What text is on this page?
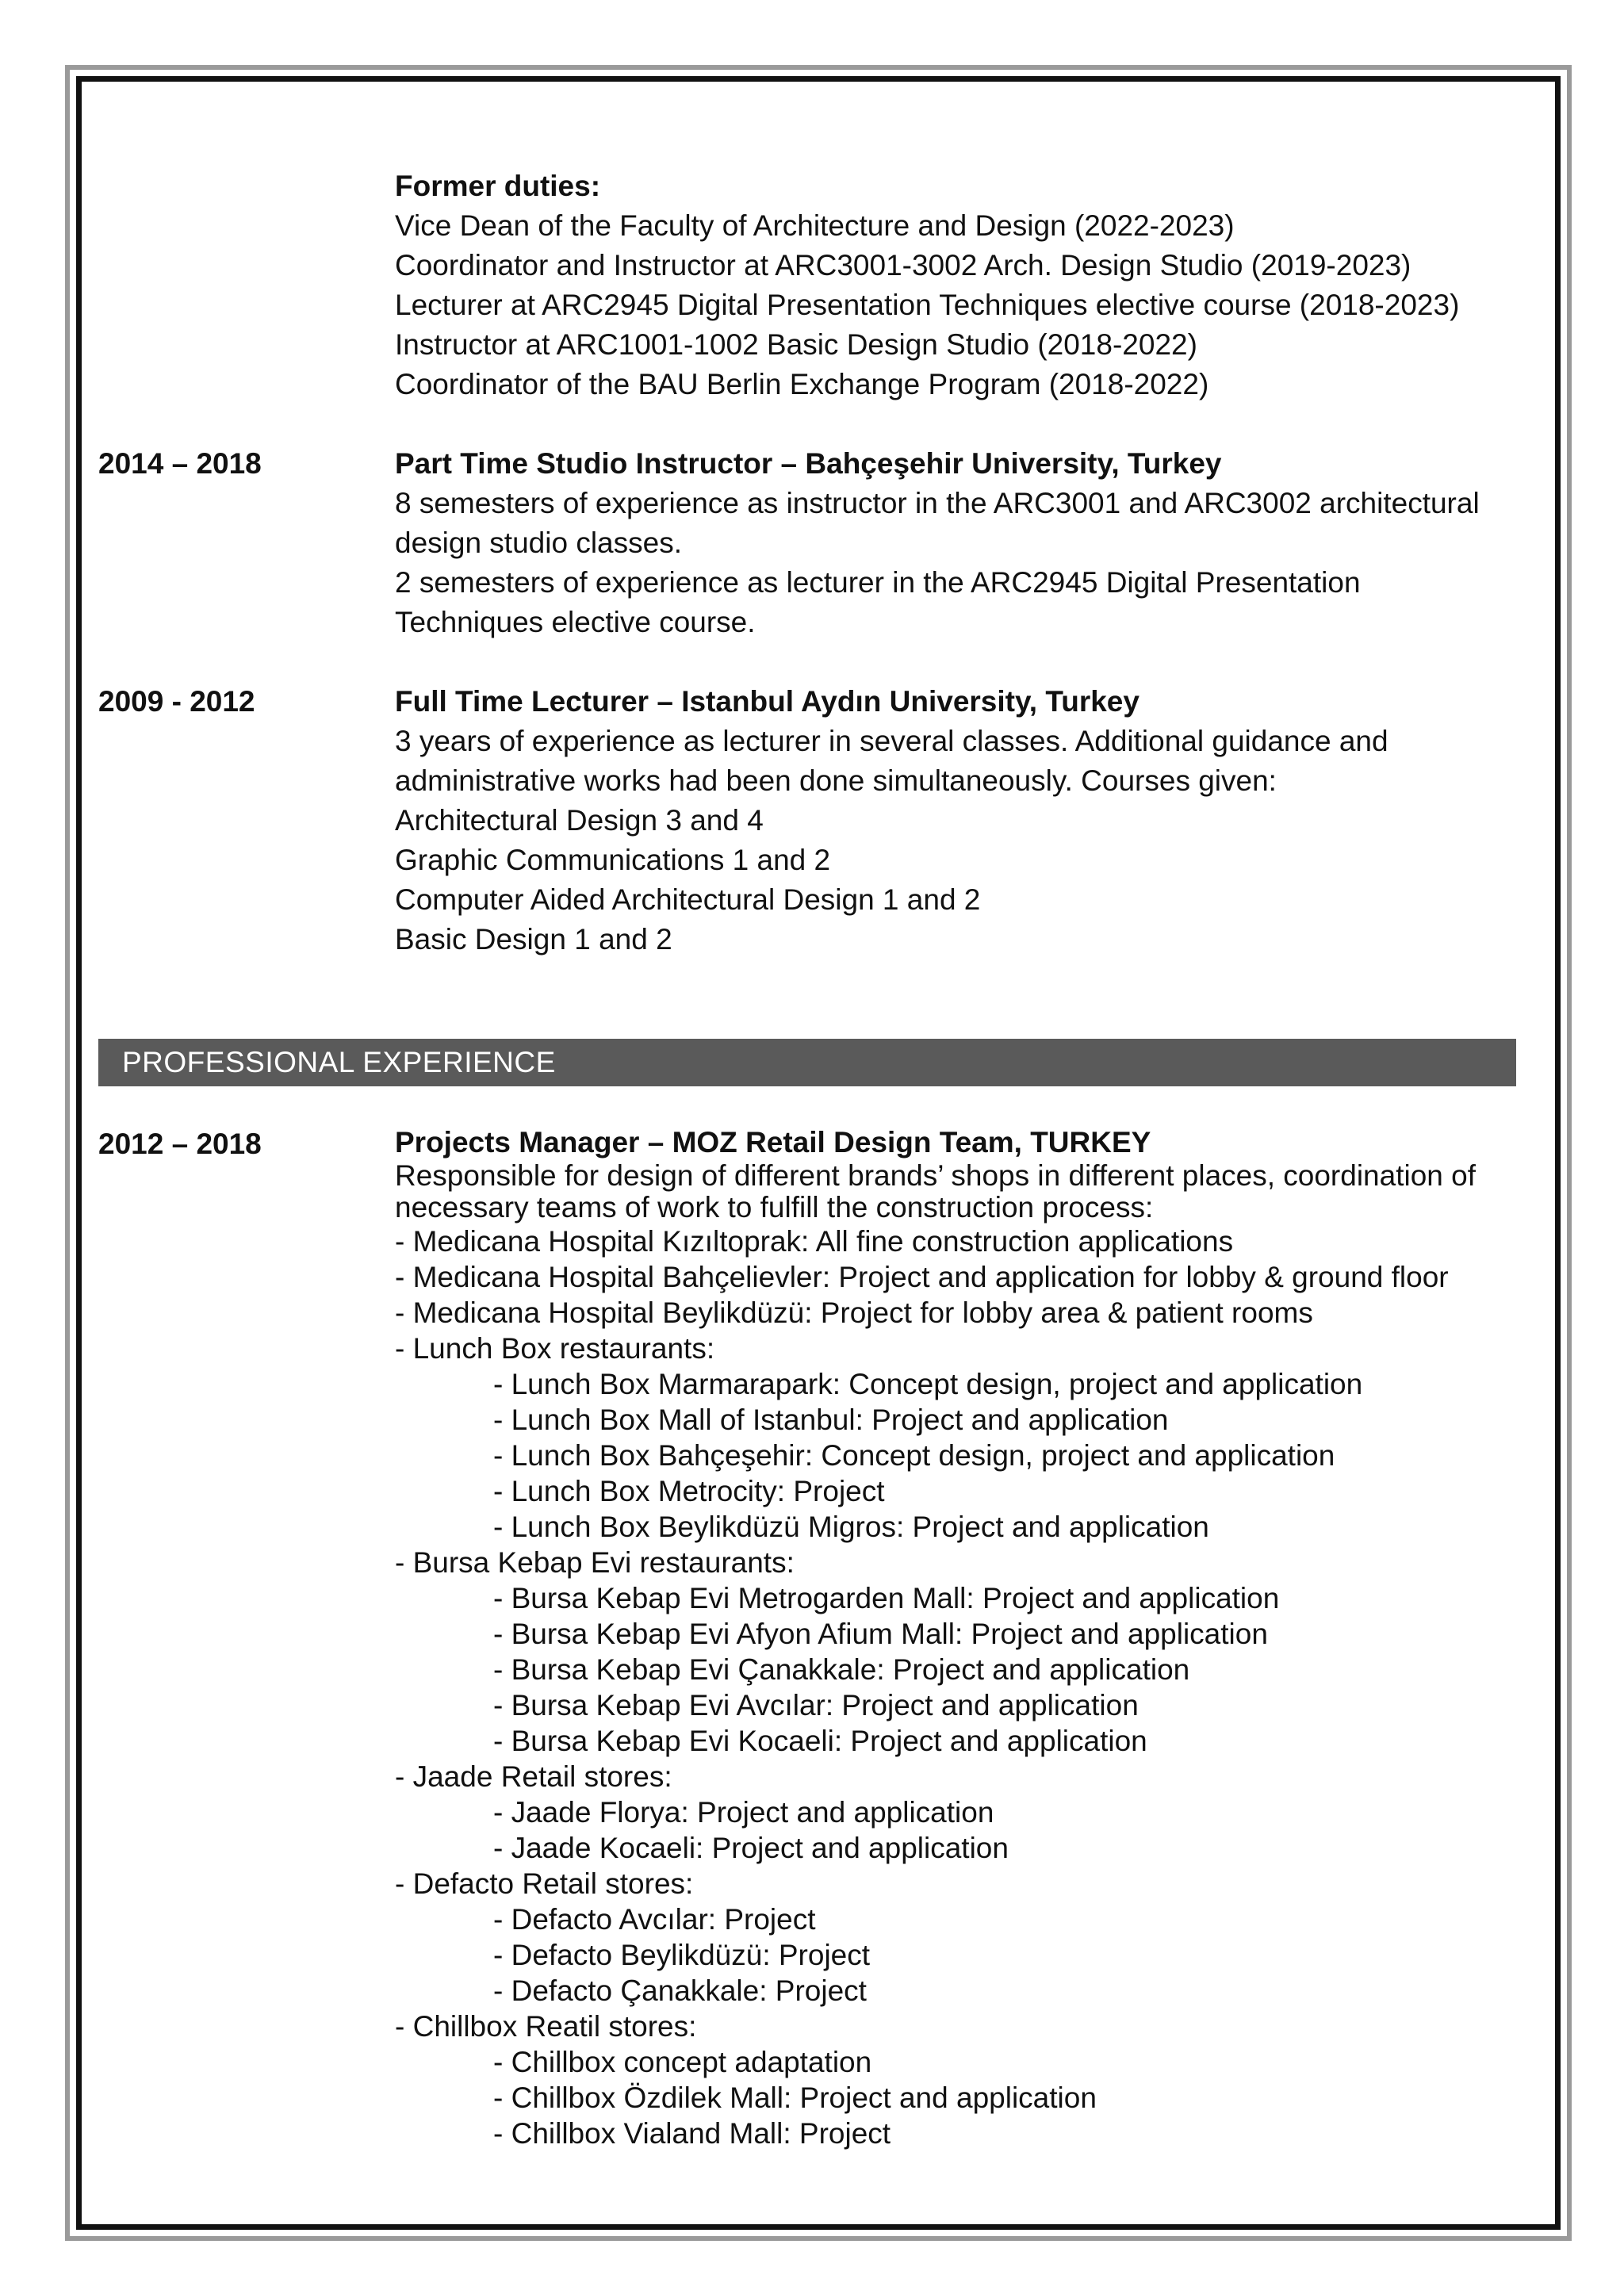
Former duties:
Vice Dean of the Faculty of Architecture and Design (2022-2023)
Coordinator and Instructor at ARC3001-3002 Arch. Design Studio (2019-2023)
Lecturer at ARC2945 Digital Presentation Techniques elective course (2018-2023)
Instructor at ARC1001-1002 Basic Design Studio (2018-2022)
Coordinator of the BAU Berlin Exchange Program (2018-2022)
2014 – 2018	Part Time Studio Instructor – Bahçeşehir University, Turkey
8 semesters of experience as instructor in the ARC3001 and ARC3002 architectural
design studio classes.
2 semesters of experience as lecturer in the ARC2945 Digital Presentation
Techniques elective course.
2009 - 2012	Full Time Lecturer – Istanbul Aydın University, Turkey
3 years of experience as lecturer in several classes. Additional guidance and
administrative works had been done simultaneously. Courses given:
Architectural Design 3 and 4
Graphic Communications 1 and 2
Computer Aided Architectural Design 1 and 2
Basic Design 1 and 2
PROFESSIONAL EXPERIENCE
2012 – 2018	Projects Manager – MOZ Retail Design Team, TURKEY
Responsible for design of different brands’ shops in different places, coordination of
necessary teams of work to fulfill the construction process:
- Medicana Hospital Kızıltoprak: All fine construction applications
- Medicana Hospital Bahçelievler: Project and application for lobby & ground floor
- Medicana Hospital Beylikdüzü: Project for lobby area & patient rooms
- Lunch Box restaurants:
- Lunch Box Marmarapark: Concept design, project and application
- Lunch Box Mall of Istanbul: Project and application
- Lunch Box Bahçeşehir: Concept design, project and application
- Lunch Box Metrocity: Project
- Lunch Box Beylikdüzü Migros: Project and application
- Bursa Kebap Evi restaurants:
- Bursa Kebap Evi Metrogarden Mall: Project and application
- Bursa Kebap Evi Afyon Afium Mall: Project and application
- Bursa Kebap Evi Çanakkale: Project and application
- Bursa Kebap Evi Avcılar: Project and application
- Bursa Kebap Evi Kocaeli: Project and application
- Jaade Retail stores:
- Jaade Florya: Project and application
- Jaade Kocaeli: Project and application
- Defacto Retail stores:
- Defacto Avcılar: Project
- Defacto Beylikdüzü: Project
- Defacto Çanakkale: Project
- Chillbox Reatil stores:
- Chillbox concept adaptation
- Chillbox Özdilek Mall: Project and application
- Chillbox Vialand Mall: Project
